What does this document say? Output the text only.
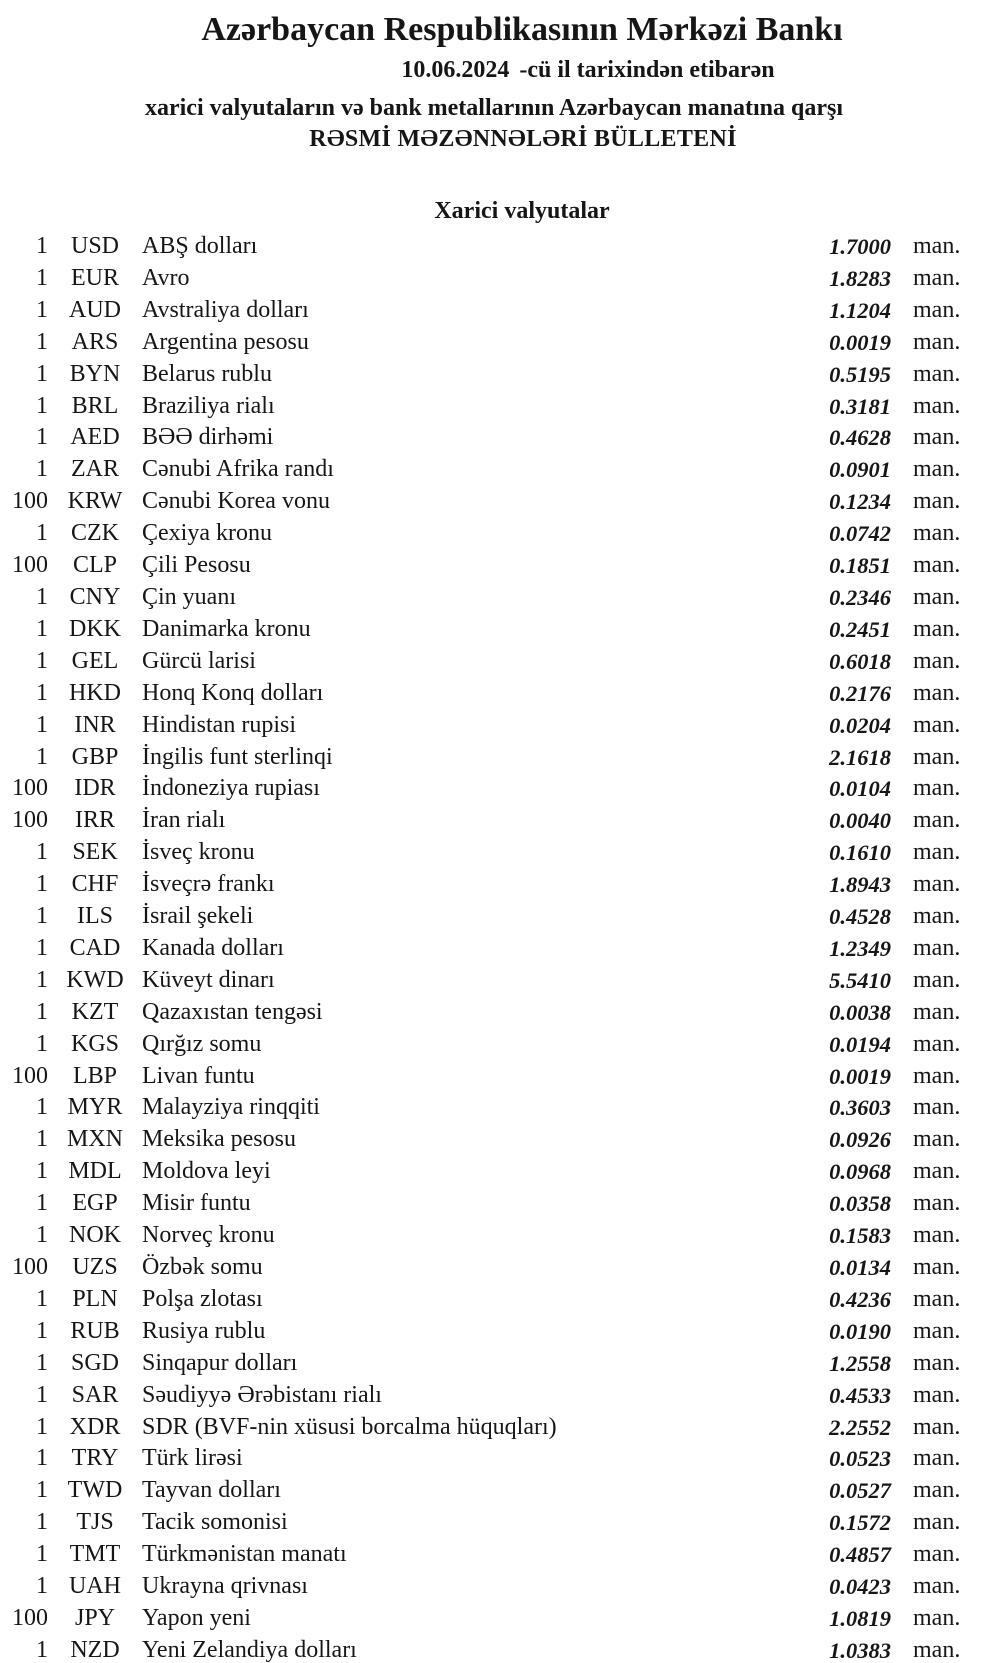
Azərbaycan Respublikasının Mərkəzi Bankı
10.06.2024 -cü il tarixindən etibarən
xarici valyutaların və bank metallarının Azərbaycan manatına qarşı
RƏSMİ MƏZƏNNƏLƏRİ BÜLLETENİ
Xarici valyutalar
1 USD ABŞ dolları	1.7000 man.
1 EUR Avro	1.8283 man.
1 AUD Avstraliya dolları	1.1204 man.
1 ARS Argentina pesosu	0.0019 man.
1 BYN Belarus rublu	0.5195 man.
1 BRL Braziliya rialı	0.3181 man.
1 AED BƏƏ dirhəmi	0.4628 man.
1 ZAR Cənubi Afrika randı	0.0901 man.
100 KRW Cənubi Korea vonu	0.1234 man.
1 CZK Çexiya kronu	0.0742 man.
100	CLP	Çili Pesosu	0.1851 man.
1 CNY Çin yuanı	0.2346 man.
1 DKK Danimarka kronu	0.2451 man.
1 GEL Gürcü larisi	0.6018 man.
1 HKD Honq Konq dolları	0.2176 man.
1	INR	Hindistan rupisi	0.0204 man.
1 GBP İngilis funt sterlinqi	2.1618 man.
100	IDR	İndoneziya rupiası	0.0104 man.
100	IRR	İran rialı	0.0040 man.
1	SEK	İsveç kronu	0.1610 man.
1 CHF İsveçrə frankı	1.8943 man.
1	ILS	İsrail şekeli	0.4528 man.
1 CAD Kanada dolları	1.2349 man.
1 KWD Küveyt dinarı	5.5410 man.
1 KZT Qazaxıstan tengəsi	0.0038 man.
1 KGS Qırğız somu	0.0194 man.
100	LBP	Livan funtu	0.0019 man.
1 MYR Malayziya rinqqiti	0.3603 man.
1 MXN Meksika pesosu	0.0926 man.
1 MDL Moldova leyi	0.0968 man.
1	EGP	Misir funtu	0.0358 man.
1 NOK Norveç kronu	0.1583 man.
100	UZS	Özbək somu	0.0134 man.
1	PLN	Polşa zlotası	0.4236 man.
1 RUB Rusiya rublu	0.0190 man.
1 SGD Sinqapur dolları	1.2558 man.
1 SAR Səudiyyə Ərəbistanı rialı	0.4533 man.
1 XDR SDR (BVF-nin xüsusi borcalma hüquqları)	2.2552 man.
1 TRY Türk lirəsi	0.0523 man.
1 TWD Tayvan dolları	0.0527 man.
1	TJS	Tacik somonisi	0.1572 man.
1 TMT Türkmənistan manatı	0.4857 man.
1 UAH Ukrayna qrivnası	0.0423 man.
100	JPY	Yapon yeni	1.0819 man.
1 NZD Yeni Zelandiya dolları	1.0383 man.
